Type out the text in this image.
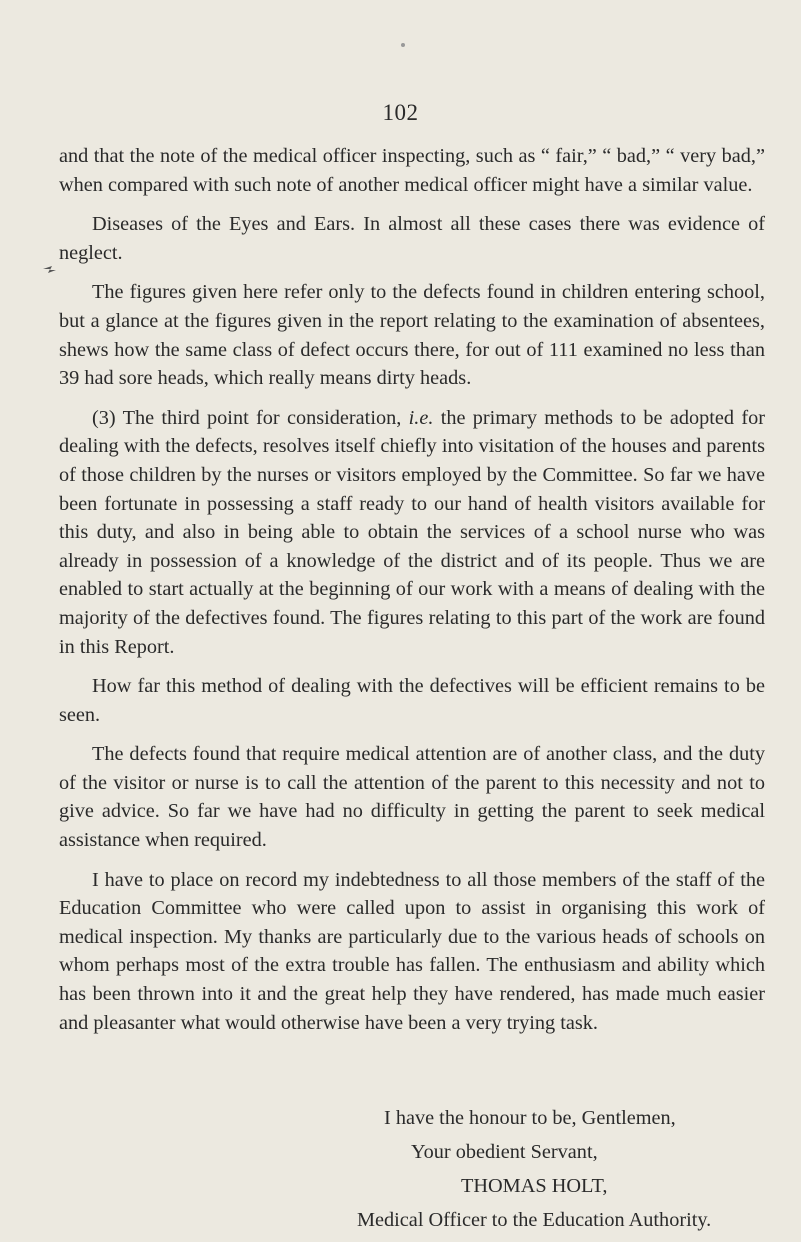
102

and that the note of the medical officer inspecting, such as “ fair,” “ bad,” “ very bad,” when compared with such note of another medical officer might have a similar value.

Diseases of the Eyes and Ears. In almost all these cases there was evidence of neglect.

The figures given here refer only to the defects found in children entering school, but a glance at the figures given in the report relating to the examination of absentees, shews how the same class of defect occurs there, for out of 111 examined no less than 39 had sore heads, which really means dirty heads.

(3) The third point for consideration, i.e. the primary methods to be adopted for dealing with the defects, resolves itself chiefly into visitation of the houses and parents of those children by the nurses or visitors employed by the Committee. So far we have been fortunate in possessing a staff ready to our hand of health visitors available for this duty, and also in being able to obtain the services of a school nurse who was already in possession of a knowledge of the district and of its people. Thus we are enabled to start actually at the beginning of our work with a means of dealing with the majority of the defectives found. The figures relating to this part of the work are found in this Report.

How far this method of dealing with the defectives will be efficient remains to be seen.

The defects found that require medical attention are of another class, and the duty of the visitor or nurse is to call the attention of the parent to this necessity and not to give advice. So far we have had no difficulty in getting the parent to seek medical assistance when required.

I have to place on record my indebtedness to all those members of the staff of the Education Committee who were called upon to assist in organising this work of medical inspection. My thanks are particularly due to the various heads of schools on whom perhaps most of the extra trouble has fallen. The enthusiasm and ability which has been thrown into it and the great help they have rendered, has made much easier and pleasanter what would otherwise have been a very trying task.

I have the honour to be, Gentlemen,
Your obedient Servant,
THOMAS HOLT,
Medical Officer to the Education Authority.
